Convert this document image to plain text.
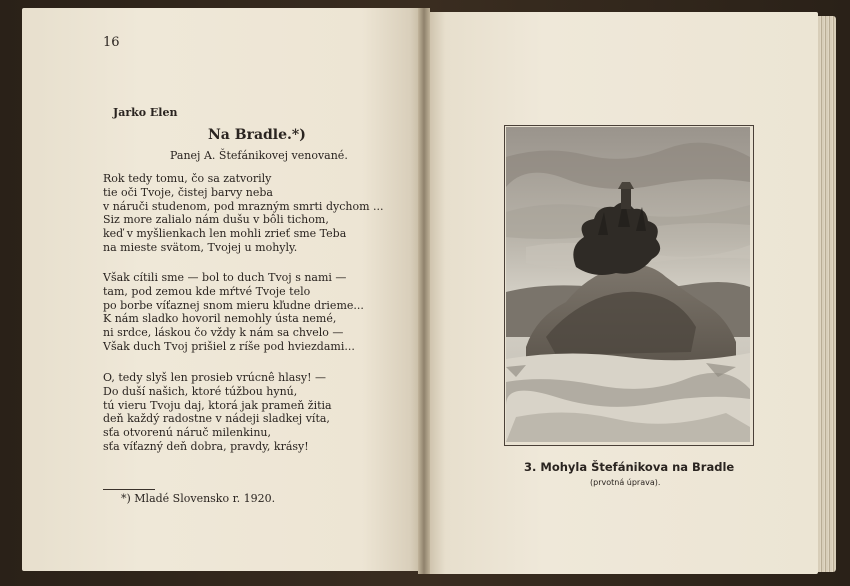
16
Jarko Elen
Na Bradle.*)
Panej A. Štefánikovej venované.
Rok tedy tomu, čo sa zatvorily
tie oči Tvoje, čistej barvy neba
v náruči studenom, pod mrazným smrti dychom ...
Siz more zalialo nám dušu v bôli tichom,
keď v myšlienkach len mohli zrieť sme Teba
na mieste svätom, Tvojej u mohyly.
Však cítili sme — bol to duch Tvoj s nami —
tam, pod zemou kde mŕtvé Tvoje telo
po borbe víťaznej snom mieru kľudne drieme...
K nám sladko hovoril nemohly ústa nemé,
ni srdce, láskou čo vždy k nám sa chvelo —
Však duch Tvoj prišiel z ríše pod hviezdami...
O, tedy slyš len prosieb vrúcnê hlasy! —
Do duší našich, ktoré túžbou hynú,
tú vieru Tvoju daj, ktorá jak prameň žitia
deň každý radostne v nádeji sladkej víta,
sťa otvorenú náruč milenkinu,
sťa víťazný deň dobra, pravdy, krásy!
*) Mladé Slovensko r. 1920.
3. Mohyla Štefánikova na Bradle
(prvotná úprava).
